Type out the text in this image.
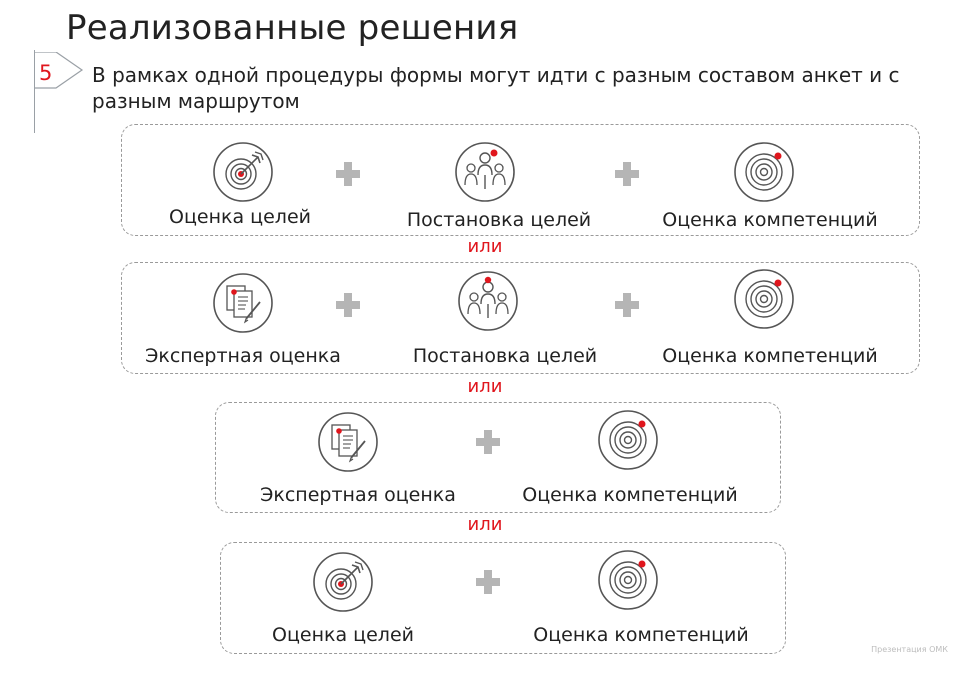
Реализованные решения
5 В рамках одной процедуры формы могут идти с разным составом анкет и с разным маршрутом
Оценка целей	Постановка целей	Оценка компетенций
или
Экспертная оценка	Постановка целей	Оценка компетенций
или
Экспертная оценка	Оценка компетенций
или
Оценка целей	Оценка компетенций
Презентация ОМК
